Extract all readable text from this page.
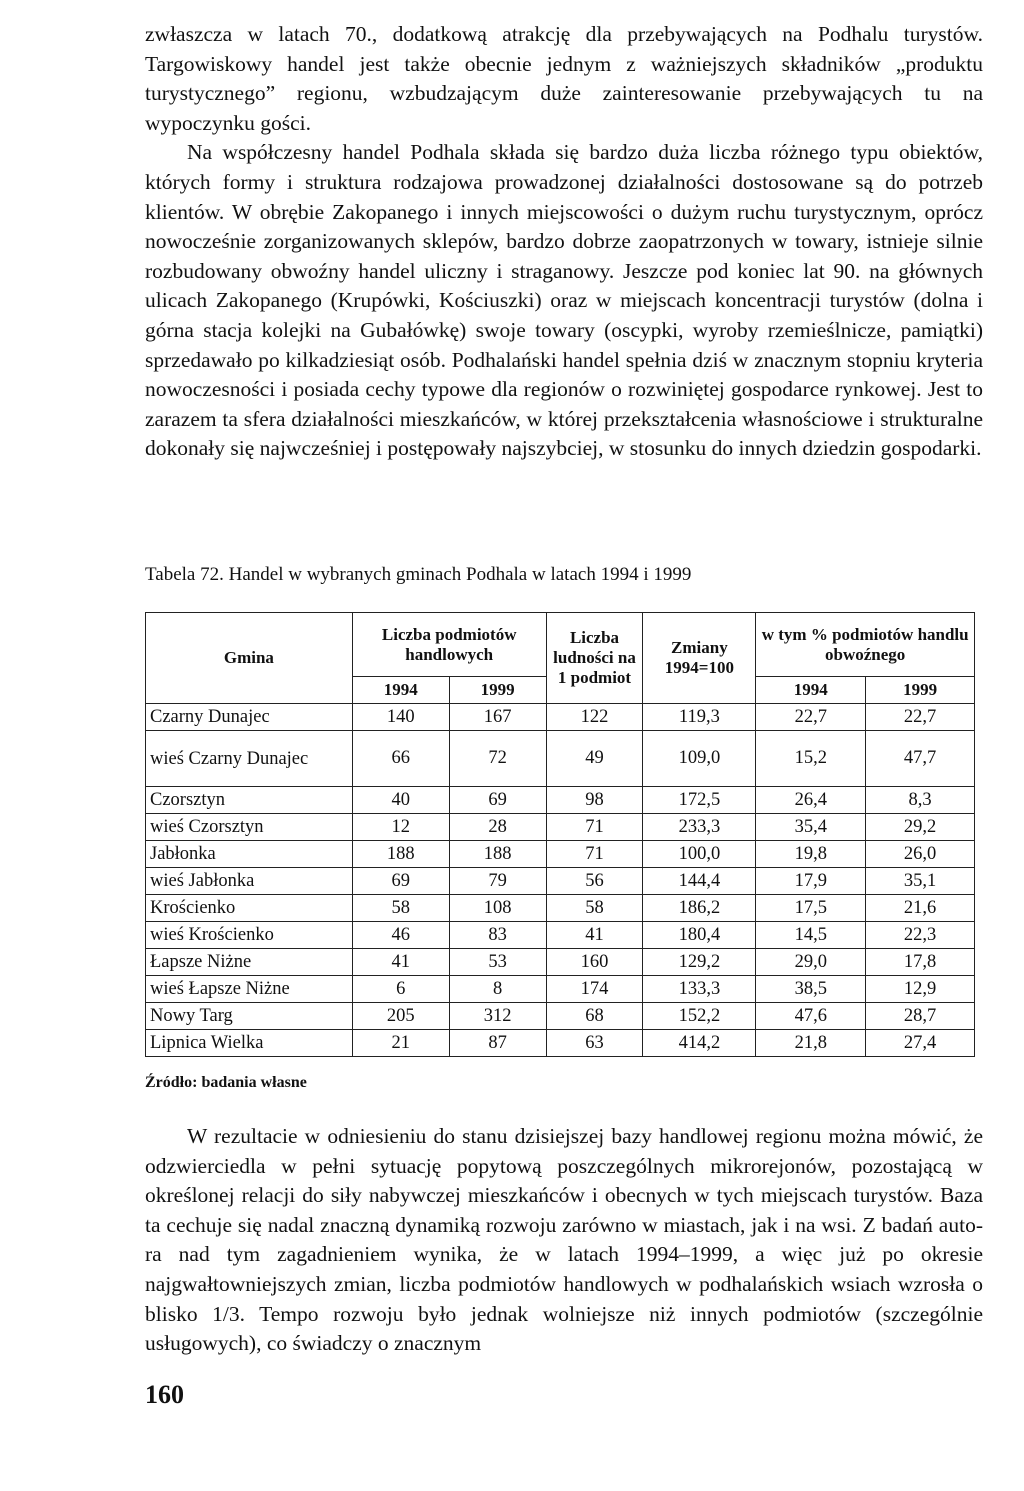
zwłaszcza w latach 70., dodatkową atrakcję dla przebywających na Podhalu turystów. Targowiskowy handel jest także obecnie jednym z ważniejszych składników „produktu turystycznego” regionu, wzbudzającym duże zainteresowanie przebywających tu na wypoczynku gości.

Na współczesny handel Podhala składa się bardzo duża liczba różnego typu obiektów, których formy i struktura rodzajowa prowadzonej działalności dostosowane są do potrzeb klientów. W obrębie Zakopanego i innych miejscowości o dużym ruchu turystycznym, oprócz nowocześnie zorganizowanych sklepów, bardzo dobrze zaopatrzonych w towary, istnieje silnie rozbudowany obwoźny handel uliczny i straganowy. Jeszcze pod koniec lat 90. na głównych ulicach Zakopanego (Krupówki, Kościuszki) oraz w miejscach koncentracji turystów (dolna i górna stacja kolejki na Gubałówkę) swoje towary (oscypki, wyroby rzemieślnicze, pamiątki) sprzedawało po kilkadziesiąt osób. Podhalański handel spełnia dziś w znacznym stopniu kryteria nowoczesności i posiada cechy typowe dla regionów o rozwiniętej gospodarce rynkowej. Jest to zarazem ta sfera działalności mieszkańców, w której przekształcenia własnościowe i strukturalne dokonały się najwcześniej i postępowały najszybciej, w stosunku do innych dziedzin gospodarki.

Tabela 72. Handel w wybranych gminach Podhala w latach 1994 i 1999

Gmina	Liczba podmiotów handlowych		Liczba ludności na 1 podmiot	Zmiany 1994=100	w tym % podmiotów handlu obwoźnego	
	1994	1999			1994	1999
Czarny Dunajec	140	167	122	119,3	22,7	22,7
wieś Czarny Dunajec	66	72	49	109,0	15,2	47,7
Czorsztyn	40	69	98	172,5	26,4	8,3
wieś Czorsztyn	12	28	71	233,3	35,4	29,2
Jabłonka	188	188	71	100,0	19,8	26,0
wieś Jabłonka	69	79	56	144,4	17,9	35,1
Krościenko	58	108	58	186,2	17,5	21,6
wieś Krościenko	46	83	41	180,4	14,5	22,3
Łapsze Niżne	41	53	160	129,2	29,0	17,8
wieś Łapsze Niżne	6	8	174	133,3	38,5	12,9
Nowy Targ	205	312	68	152,2	47,6	28,7
Lipnica Wielka	21	87	63	414,2	21,8	27,4
Źródło: badania własne

W rezultacie w odniesieniu do stanu dzisiejszej bazy handlowej regionu można mówić, że odzwierciedla w pełni sytuację popytową poszczególnych mikrorejonów, pozostającą w określonej relacji do siły nabywczej mieszkańców i obecnych w tych miejscach turystów. Baza ta cechuje się nadal znaczną dynamiką rozwoju zarówno w miastach, jak i na wsi. Z badań autora nad tym zagadnieniem wynika, że w latach 1994–1999, a więc już po okresie najgwałtowniejszych zmian, liczba podmiotów handlowych w podhalańskich wsiach wzrosła o blisko 1/3. Tempo rozwoju było jednak wolniejsze niż innych podmiotów (szczególnie usługowych), co świadczy o znacznym

160
